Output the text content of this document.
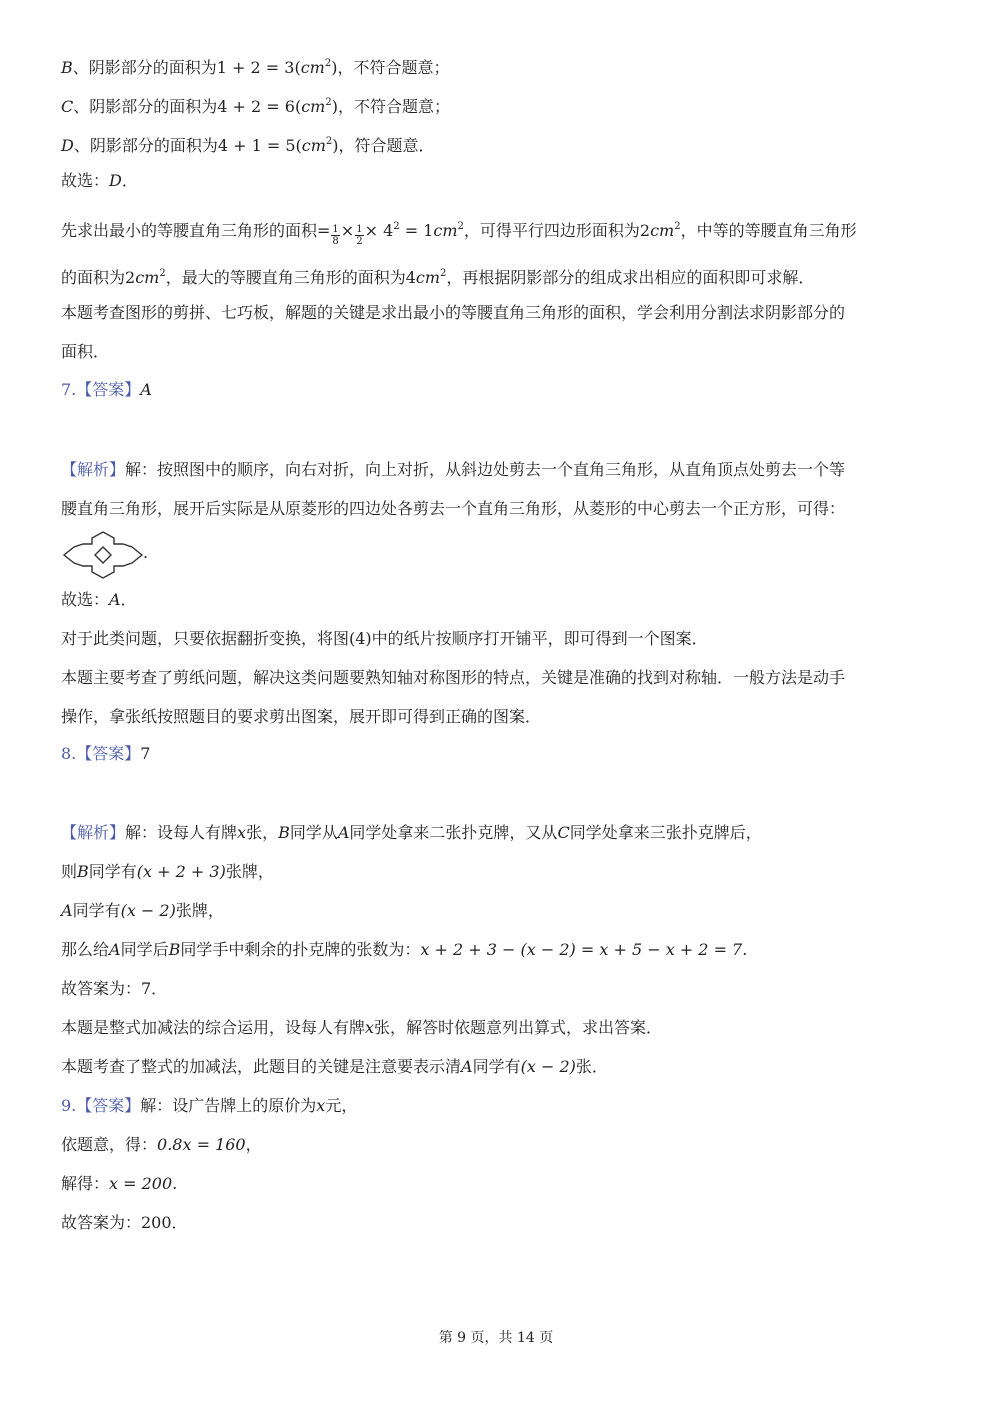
B、阴影部分的面积为$1 + 2 = 3(cm^2)$，不符合题意；
C、阴影部分的面积为$4 + 2 = 6(cm^2)$，不符合题意；
D、阴影部分的面积为$4 + 1 = 5(cm^2)$，符合题意．
故选：D．
先求出最小的等腰直角三角形的面积= $\frac{1}{8} \times \frac{1}{2} \times 4^2 = 1cm^2$，可得平行四边形面积为$2cm^2$，中等的等腰直角三角形
的面积为$2cm^2$，最大的等腰直角三角形的面积为$4cm^2$，再根据阴影部分的组成求出相应的面积即可求解．
本题考查图形的剪拼、七巧板，解题的关键是求出最小的等腰直角三角形的面积，学会利用分割法求阴影部分的
面积．
7.【答案】A
【解析】解：按照图中的顺序，向右对折，向上对折，从斜边处剪去一个直角三角形，从直角顶点处剪去一个等
腰直角三角形，展开后实际是从原菱形的四边处各剪去一个直角三角形，从菱形的中心剪去一个正方形，可得：
.
故选：A．
对于此类问题，只要依据翻折变换，将图(4)中的纸片按顺序打开铺平，即可得到一个图案．
本题主要考查了剪纸问题，解决这类问题要熟知轴对称图形的特点，关键是准确的找到对称轴．一般方法是动手
操作，拿张纸按照题目的要求剪出图案，展开即可得到正确的图案．
8.【答案】7
【解析】解：设每人有牌x张，B同学从A同学处拿来二张扑克牌，又从C同学处拿来三张扑克牌后，
则B同学有(x + 2 + 3)张牌，
A同学有(x − 2)张牌，
那么给A同学后B同学手中剩余的扑克牌的张数为：x + 2 + 3 − (x − 2) = x + 5 − x + 2 = 7.
故答案为：7．
本题是整式加减法的综合运用，设每人有牌x张，解答时依题意列出算式，求出答案．
本题考查了整式的加减法，此题目的关键是注意要表示清A同学有(x − 2)张．
9.【答案】解：设广告牌上的原价为x元，
依题意，得：0.8x = 160，
解得：x = 200.
故答案为：200．
第 9 页，共 14 页
